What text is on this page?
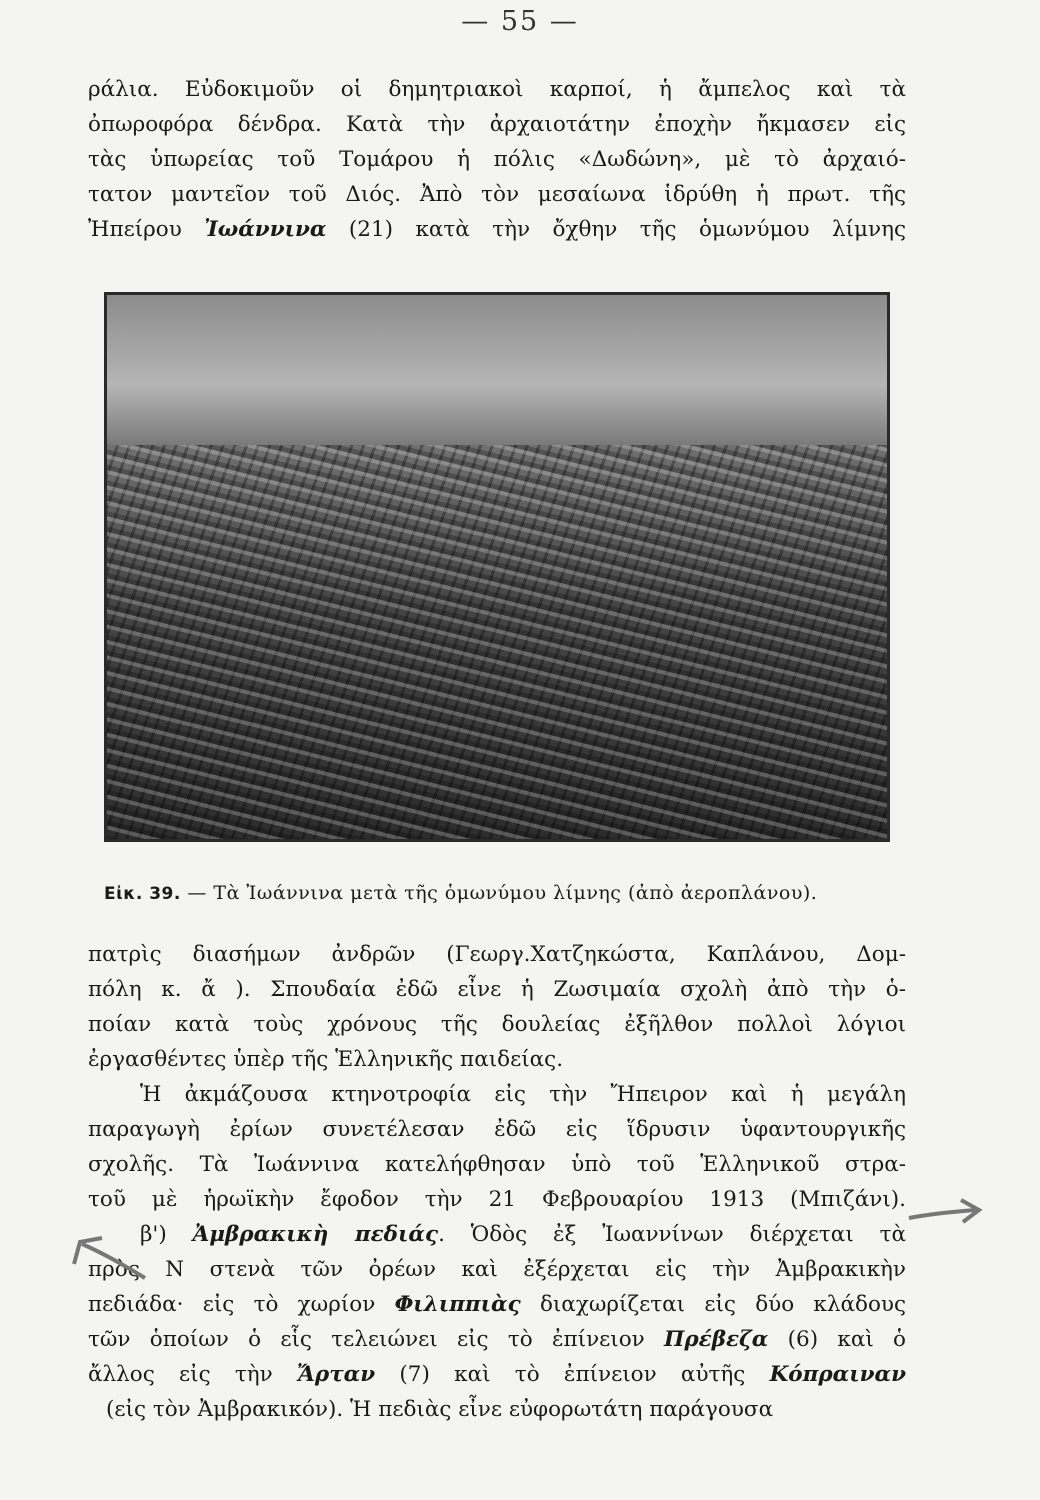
— 55 —
ράλια. Εὐδοκιμοῦν οἱ δημητριακοὶ καρποί, ἡ ἄμπελος καὶ τὰ
ὀπωροφόρα δένδρα. Κατὰ τὴν ἀρχαιοτάτην ἐποχὴν ἤκμασεν εἰς
τὰς ὑπωρείας τοῦ Τομάρου ἡ πόλις «Δωδώνη», μὲ τὸ ἀρχαιό-
τατον μαντεῖον τοῦ Διός. Ἀπὸ τὸν μεσαίωνα ἱδρύθη ἡ πρωτ. τῆς
Ἠπείρου Ἰωάννινα (21) κατὰ τὴν ὄχθην τῆς ὁμωνύμου λίμνης
Εἰκ. 39. — Τὰ Ἰωάννινα μετὰ τῆς ὁμωνύμου λίμνης (ἀπὸ ἀεροπλάνου).
πατρὶς διασήμων ἀνδρῶν (Γεωργ.Χατζηκώστα, Καπλάνου, Δομ-
πόλη κ. ἄ ). Σπουδαία ἐδῶ εἶνε ἡ Ζωσιμαία σχολὴ ἀπὸ τὴν ὁ-
ποίαν κατὰ τοὺς χρόνους τῆς δουλείας ἐξῆλθον πολλοὶ λόγιοι
ἐργασθέντες ὑπὲρ τῆς Ἑλληνικῆς παιδείας.
Ἡ ἀκμάζουσα κτηνοτροφία εἰς τὴν Ἤπειρον καὶ ἡ μεγάλη
παραγωγὴ ἐρίων συνετέλεσαν ἐδῶ εἰς ἵδρυσιν ὑφαντουργικῆς
σχολῆς. Τὰ Ἰωάννινα κατελήφθησαν ὑπὸ τοῦ Ἑλληνικοῦ στρα-
τοῦ μὲ ἡρωϊκὴν ἔφοδον τὴν 21 Φεβρουαρίου 1913 (Μπιζάνι).
β') Ἀμβρακικὴ πεδιάς. Ὁδὸς ἐξ Ἰωαννίνων διέρχεται τὰ
πρὸς Ν στενὰ τῶν ὀρέων καὶ ἐξέρχεται εἰς τὴν Ἀμβρακικὴν
πεδιάδα· εἰς τὸ χωρίον Φιλιππιὰς διαχωρίζεται εἰς δύο κλάδους
τῶν ὁποίων ὁ εἷς τελειώνει εἰς τὸ ἐπίνειον Πρέβεζα (6) καὶ ὁ
ἄλλος εἰς τὴν Ἄρταν (7) καὶ τὸ ἐπίνειον αὐτῆς Κόπραιναν
(εἰς τὸν Ἀμβρακικόν). Ἡ πεδιὰς εἶνε εὐφορωτάτη παράγουσα
